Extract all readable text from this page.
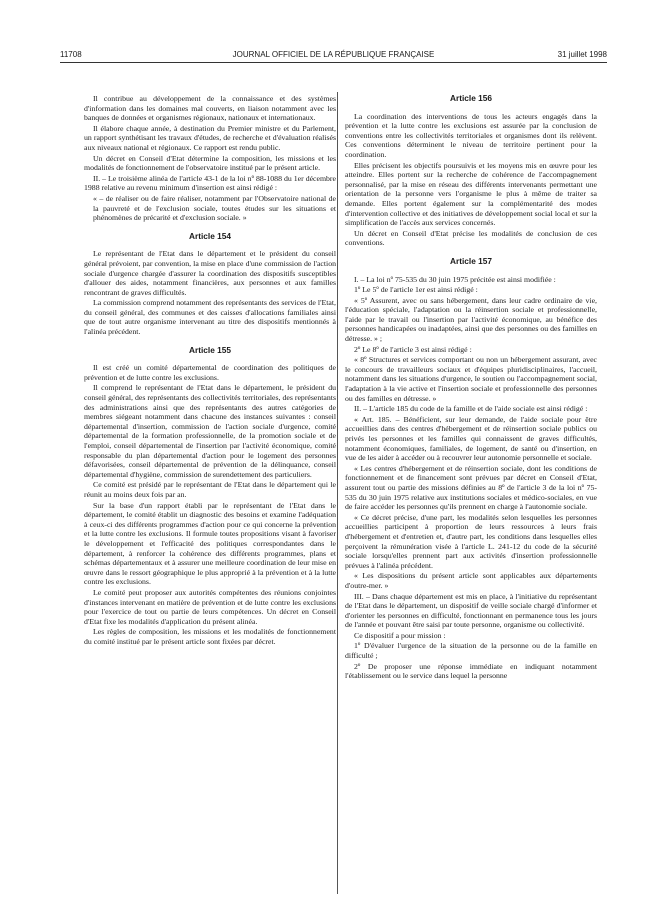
11708	JOURNAL OFFICIEL DE LA RÉPUBLIQUE FRANÇAISE	31 juillet 1998

Il contribue au développement de la connaissance et des systèmes d'information dans les domaines mal couverts, en liaison notamment avec les banques de données et organismes régionaux, nationaux et internationaux.

Il élabore chaque année, à destination du Premier ministre et du Parlement, un rapport synthétisant les travaux d'études, de recherche et d'évaluation réalisés aux niveaux national et régionaux. Ce rapport est rendu public.

Un décret en Conseil d'Etat détermine la composition, les missions et les modalités de fonctionnement de l'observatoire institué par le présent article.

II. – Le troisième alinéa de l'article 43-1 de la loi nº 88-1088 du 1er décembre 1988 relative au revenu minimum d'insertion est ainsi rédigé :

« – de réaliser ou de faire réaliser, notamment par l'Observatoire national de la pauvreté et de l'exclusion sociale, toutes études sur les situations et phénomènes de précarité et d'exclusion sociale. »

Article 154

Le représentant de l'Etat dans le département et le président du conseil général prévoient, par convention, la mise en place d'une commission de l'action sociale d'urgence chargée d'assurer la coordination des dispositifs susceptibles d'allouer des aides, notamment financières, aux personnes et aux familles rencontrant de graves difficultés.

La commission comprend notamment des représentants des services de l'Etat, du conseil général, des communes et des caisses d'allocations familiales ainsi que de tout autre organisme intervenant au titre des dispositifs mentionnés à l'alinéa précédent.

Article 155

Il est créé un comité départemental de coordination des politiques de prévention et de lutte contre les exclusions.

Il comprend le représentant de l'Etat dans le département, le président du conseil général, des représentants des collectivités territoriales, des représentants des administrations ainsi que des représentants des autres catégories de membres siégeant notamment dans chacune des instances suivantes : conseil départemental d'insertion, commission de l'action sociale d'urgence, comité départemental de la formation professionnelle, de la promotion sociale et de l'emploi, conseil départemental de l'insertion par l'activité économique, comité responsable du plan départemental d'action pour le logement des personnes défavorisées, conseil départemental de prévention de la délinquance, conseil départemental d'hygiène, commission de surendettement des particuliers.

Ce comité est présidé par le représentant de l'Etat dans le département qui le réunit au moins deux fois par an.

Sur la base d'un rapport établi par le représentant de l'Etat dans le département, le comité établit un diagnostic des besoins et examine l'adéquation à ceux-ci des différents programmes d'action pour ce qui concerne la prévention et la lutte contre les exclusions. Il formule toutes propositions visant à favoriser le développement et l'efficacité des politiques correspondantes dans le département, à renforcer la cohérence des différents programmes, plans et schémas départementaux et à assurer une meilleure coordination de leur mise en œuvre dans le ressort géographique le plus approprié à la prévention et à la lutte contre les exclusions.

Le comité peut proposer aux autorités compétentes des réunions conjointes d'instances intervenant en matière de prévention et de lutte contre les exclusions pour l'exercice de tout ou partie de leurs compétences. Un décret en Conseil d'Etat fixe les modalités d'application du présent alinéa.

Les règles de composition, les missions et les modalités de fonctionnement du comité institué par le présent article sont fixées par décret.

Article 156

La coordination des interventions de tous les acteurs engagés dans la prévention et la lutte contre les exclusions est assurée par la conclusion de conventions entre les collectivités territoriales et organismes dont ils relèvent. Ces conventions déterminent le niveau de territoire pertinent pour la coordination.

Elles précisent les objectifs poursuivis et les moyens mis en œuvre pour les atteindre. Elles portent sur la recherche de cohérence de l'accompagnement personnalisé, par la mise en réseau des différents intervenants permettant une orientation de la personne vers l'organisme le plus à même de traiter sa demande. Elles portent également sur la complémentarité des modes d'intervention collective et des initiatives de développement social local et sur la simplification de l'accès aux services concernés.

Un décret en Conseil d'Etat précise les modalités de conclusion de ces conventions.

Article 157

I. – La loi nº 75-535 du 30 juin 1975 précitée est ainsi modifiée :

1º Le 5º de l'article 1er est ainsi rédigé :

« 5º Assurent, avec ou sans hébergement, dans leur cadre ordinaire de vie, l'éducation spéciale, l'adaptation ou la réinsertion sociale et professionnelle, l'aide par le travail ou l'insertion par l'activité économique, au bénéfice des personnes handicapées ou inadaptées, ainsi que des personnes ou des familles en détresse. » ;

2º Le 8º de l'article 3 est ainsi rédigé :

« 8º Structures et services comportant ou non un hébergement assurant, avec le concours de travailleurs sociaux et d'équipes pluridisciplinaires, l'accueil, notamment dans les situations d'urgence, le soutien ou l'accompagnement social, l'adaptation à la vie active et l'insertion sociale et professionnelle des personnes ou des familles en détresse. »

II. – L'article 185 du code de la famille et de l'aide sociale est ainsi rédigé :

« Art. 185. – Bénéficient, sur leur demande, de l'aide sociale pour être accueillies dans des centres d'hébergement et de réinsertion sociale publics ou privés les personnes et les familles qui connaissent de graves difficultés, notamment économiques, familiales, de logement, de santé ou d'insertion, en vue de les aider à accéder ou à recouvrer leur autonomie personnelle et sociale.

« Les centres d'hébergement et de réinsertion sociale, dont les conditions de fonctionnement et de financement sont prévues par décret en Conseil d'Etat, assurent tout ou partie des missions définies au 8º de l'article 3 de la loi nº 75-535 du 30 juin 1975 relative aux institutions sociales et médico-sociales, en vue de faire accéder les personnes qu'ils prennent en charge à l'autonomie sociale.

« Ce décret précise, d'une part, les modalités selon lesquelles les personnes accueillies participent à proportion de leurs ressources à leurs frais d'hébergement et d'entretien et, d'autre part, les conditions dans lesquelles elles perçoivent la rémunération visée à l'article L. 241-12 du code de la sécurité sociale lorsqu'elles prennent part aux activités d'insertion professionnelle prévues à l'alinéa précédent.

« Les dispositions du présent article sont applicables aux départements d'outre-mer. »

III. – Dans chaque département est mis en place, à l'initiative du représentant de l'Etat dans le département, un dispositif de veille sociale chargé d'informer et d'orienter les personnes en difficulté, fonctionnant en permanence tous les jours de l'année et pouvant être saisi par toute personne, organisme ou collectivité.

Ce dispositif a pour mission :

1º D'évaluer l'urgence de la situation de la personne ou de la famille en difficulté ;

2º De proposer une réponse immédiate en indiquant notamment l'établissement ou le service dans lequel la personne
